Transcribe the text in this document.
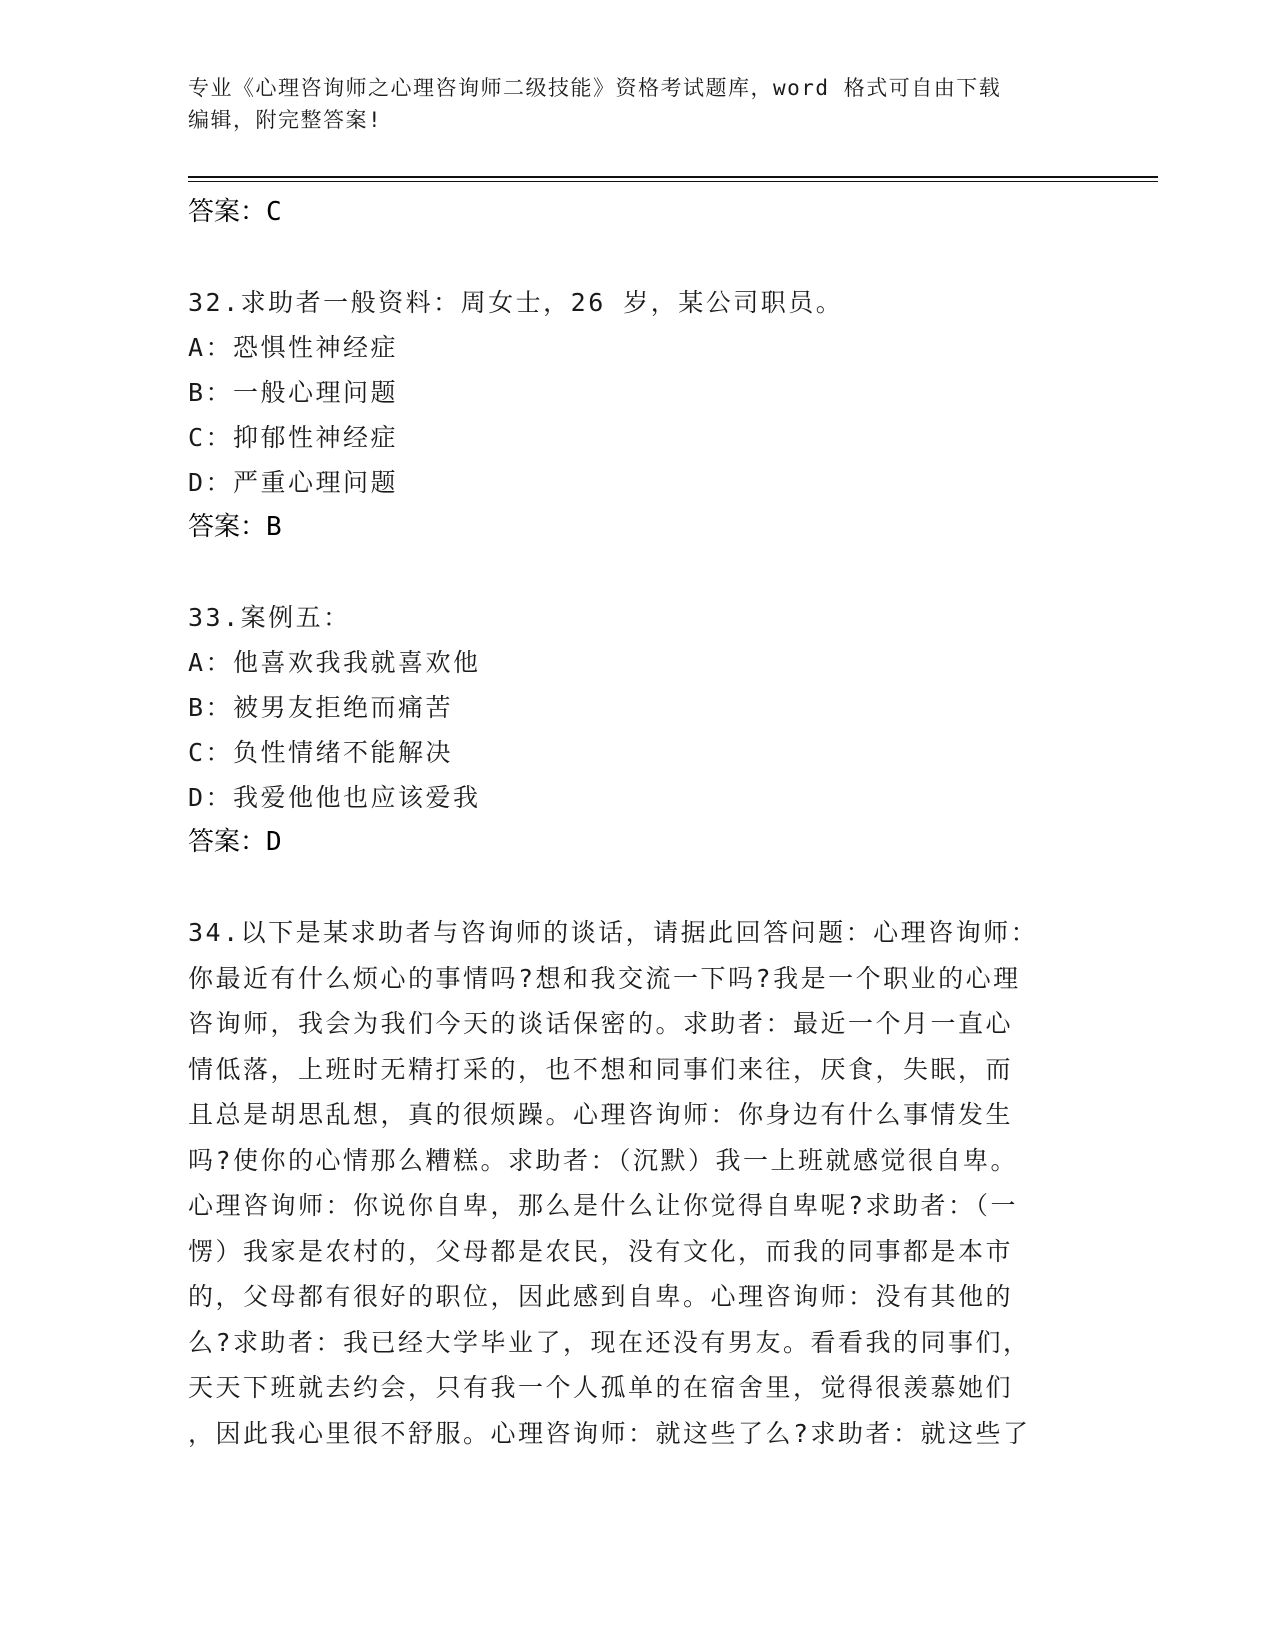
专业《心理咨询师之心理咨询师二级技能》资格考试题库，word 格式可自由下载
编辑，附完整答案!
答案：C
32.求助者一般资料：周女士，26 岁，某公司职员。
A：恐惧性神经症
B：一般心理问题
C：抑郁性神经症
D：严重心理问题
答案：B
33.案例五：
A：他喜欢我我就喜欢他
B：被男友拒绝而痛苦
C：负性情绪不能解决
D：我爱他他也应该爱我
答案：D
34.以下是某求助者与咨询师的谈话，请据此回答问题：心理咨询师：
你最近有什么烦心的事情吗?想和我交流一下吗?我是一个职业的心理
咨询师，我会为我们今天的谈话保密的。求助者：最近一个月一直心
情低落，上班时无精打采的，也不想和同事们来往，厌食，失眠，而
且总是胡思乱想，真的很烦躁。心理咨询师：你身边有什么事情发生
吗?使你的心情那么糟糕。求助者：（沉默）我一上班就感觉很自卑。
心理咨询师：你说你自卑，那么是什么让你觉得自卑呢?求助者：（一
愣）我家是农村的，父母都是农民，没有文化，而我的同事都是本市
的，父母都有很好的职位，因此感到自卑。心理咨询师：没有其他的
么?求助者：我已经大学毕业了，现在还没有男友。看看我的同事们，
天天下班就去约会，只有我一个人孤单的在宿舍里，觉得很羡慕她们
，因此我心里很不舒服。心理咨询师：就这些了么?求助者：就这些了
